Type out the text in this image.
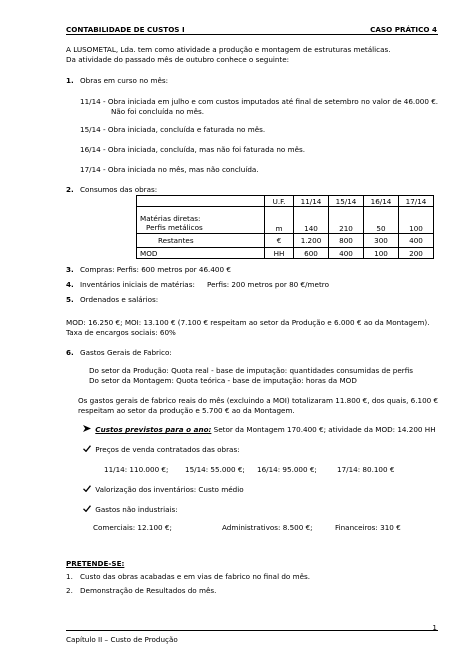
CONTABILIDADE DE CUSTOS I	CASO PRÁTICO 4
A LUSOMETAL, Lda. tem como atividade a produção e montagem de estruturas metálicas.
Da atividade do passado mês de outubro conhece o seguinte:
1. Obras em curso no mês:
11/14 - Obra iniciada em julho e com custos imputados até final de setembro no valor de 46.000 €.
Não foi concluída no mês.
15/14 - Obra iniciada, concluída e faturada no mês.
16/14 - Obra iniciada, concluída, mas não foi faturada no mês.
17/14 - Obra iniciada no mês, mas não concluída.
2. Consumos das obras:
	U.F.	11/14	15/14	16/14	17/14

Matérias diretas:
Perfis metálicos	m	140	210	50	100
Restantes	€	1.200	800	300	400
MOD	HH	600	400	100	200
3. Compras: Perfis: 600 metros por 46.400 €
4. Inventários iniciais de matérias: Perfis: 200 metros por 80 €/metro
5. Ordenados e salários:
MOD: 16.250 €; MOI: 13.100 € (7.100 € respeitam ao setor da Produção e 6.000 € ao da Montagem).
Taxa de encargos sociais: 60%
6. Gastos Gerais de Fabrico:
Do setor da Produção: Quota real - base de imputação: quantidades consumidas de perfis
Do setor da Montagem: Quota teórica - base de imputação: horas da MOD
Os gastos gerais de fabrico reais do mês (excluindo a MOI) totalizaram 11.800 €, dos quais, 6.100 €
respeitam ao setor da produção e 5.700 € ao da Montagem.
Custos previstos para o ano: Setor da Montagem 170.400 €; atividade da MOD: 14.200 HH
Preços de venda contratados das obras:
11/14: 110.000 €; 15/14: 55.000 €; 16/14: 95.000 €;	17/14: 80.100 €
Valorização dos inventários: Custo médio
Gastos não industriais:
Comerciais: 12.100 €;	Administrativos: 8.500 €;	Financeiros: 310 €
PRETENDE-SE:
1. Custo das obras acabadas e em vias de fabrico no final do mês.
2. Demonstração de Resultados do mês.
1
Capítulo II – Custo de Produção
